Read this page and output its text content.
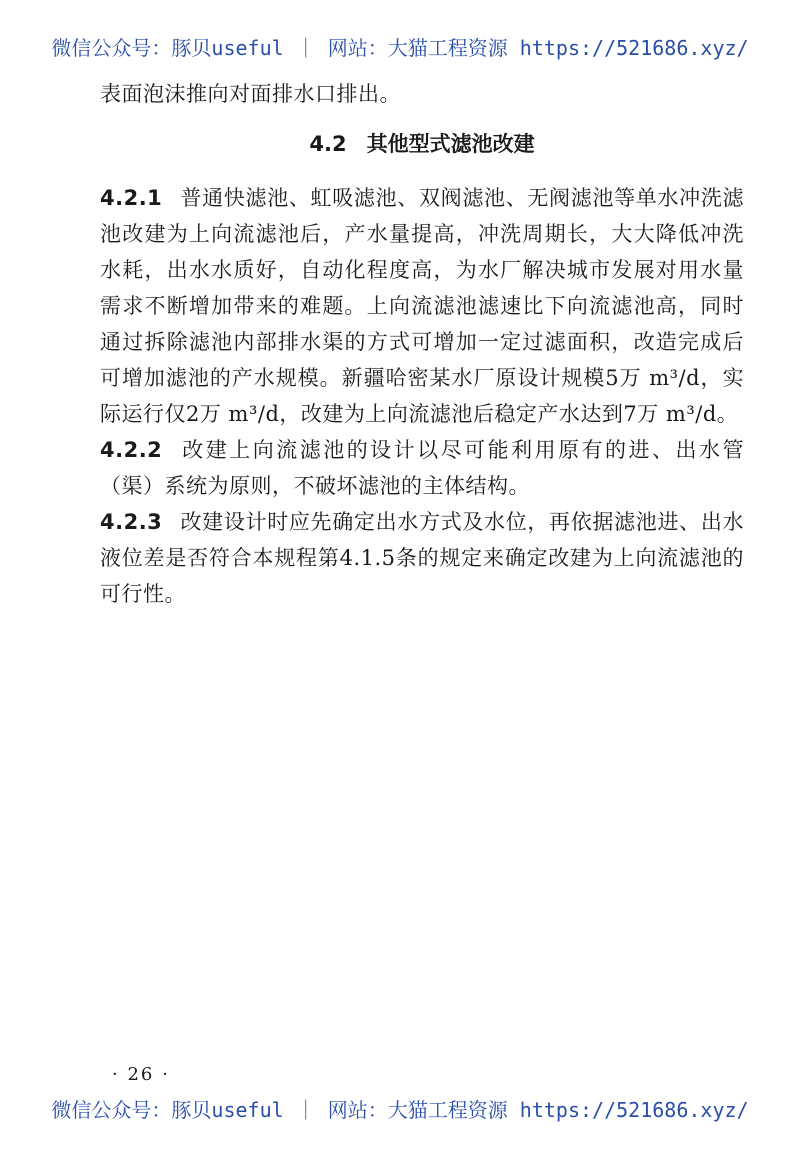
微信公众号：豚贝useful ｜ 网站：大猫工程资源 https://521686.xyz/

表面泡沫推向对面排水口排出。

4.2 其他型式滤池改建

4.2.1 普通快滤池、虹吸滤池、双阀滤池、无阀滤池等单水冲洗滤池改建为上向流滤池后，产水量提高，冲洗周期长，大大降低冲洗水耗，出水水质好，自动化程度高，为水厂解决城市发展对用水量需求不断增加带来的难题。上向流滤池滤速比下向流滤池高，同时通过拆除滤池内部排水渠的方式可增加一定过滤面积，改造完成后可增加滤池的产水规模。新疆哈密某水厂原设计规模5万 m³/d，实际运行仅2万 m³/d，改建为上向流滤池后稳定产水达到7万 m³/d。

4.2.2 改建上向流滤池的设计以尽可能利用原有的进、出水管（渠）系统为原则，不破坏滤池的主体结构。

4.2.3 改建设计时应先确定出水方式及水位，再依据滤池进、出水液位差是否符合本规程第4.1.5条的规定来确定改建为上向流滤池的可行性。

· 26 ·
微信公众号：豚贝useful ｜ 网站：大猫工程资源 https://521686.xyz/
